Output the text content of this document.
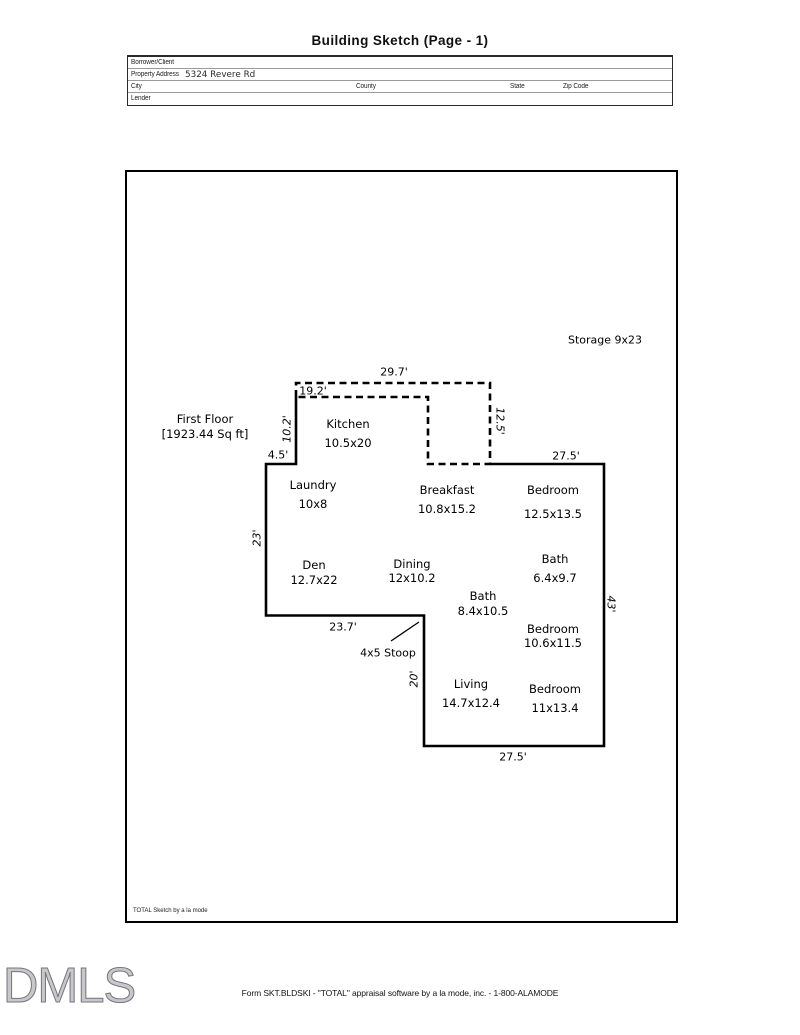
Building Sketch (Page - 1)
Borrower/Client
Property Address 5324 Revere Rd
City	County	State	Zip Code
Lender
First Floor
[1923.44 Sq ft]
Storage 9x23
Kitchen
10.5x20
Laundry
10x8
Breakfast
10.8x15.2
Bedroom
12.5x13.5
Bath
6.4x9.7
Den
12.7x22
Dining
12x10.2
Bath
8.4x10.5
Bedroom
10.6x11.5
Living
14.7x12.4
Bedroom
11x13.4
4x5 Stoop
29.7'
19.2'
10.2'	12.5'
4.5'
23'
23.7'
20'
27.5'
43'
27.5'
TOTAL Sketch by a la mode
DMLS	Form SKT.BLDSKI - "TOTAL" appraisal software by a la mode, inc. - 1-800-ALAMODE
